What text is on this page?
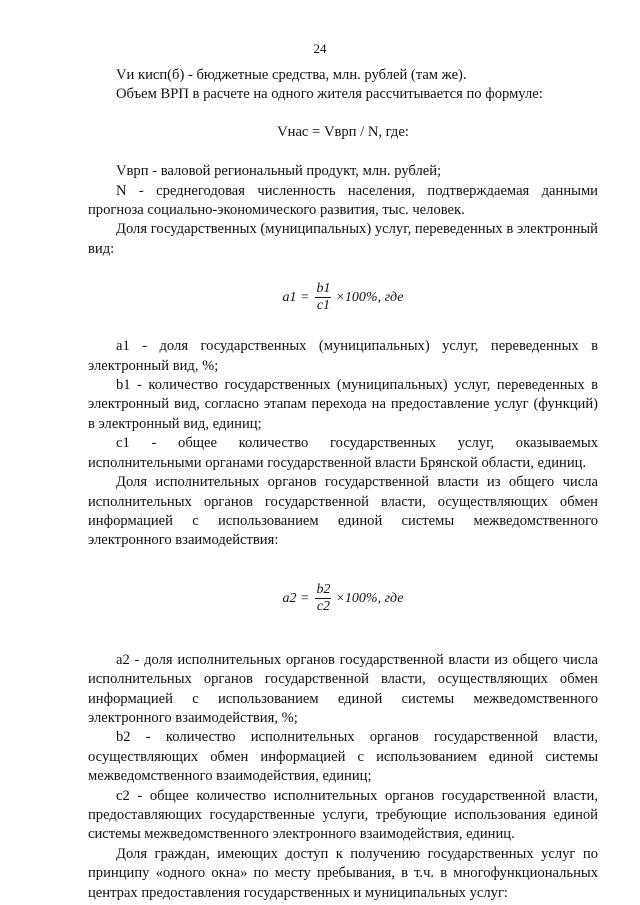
24

Vи кисп(б) - бюджетные средства, млн. рублей (там же).

Объем ВРП в расчете на одного жителя рассчитывается по формуле:

Vнас = Vврп / N, где:

Vврп - валовой региональный продукт, млн. рублей;

N - среднегодовая численность населения, подтверждаемая данными прогноза социально-экономического развития, тыс. человек.

Доля государственных (муниципальных) услуг, переведенных в электронный вид:

$a1 = \frac{b1}{c1} \times 100\%$, где

a1 - доля государственных (муниципальных) услуг, переведенных в электронный вид, %;

b1 - количество государственных (муниципальных) услуг, переведенных в электронный вид, согласно этапам перехода на предоставление услуг (функций) в электронный вид, единиц;

c1 - общее количество государственных услуг, оказываемых исполнительными органами государственной власти Брянской области, единиц.

Доля исполнительных органов государственной власти из общего числа исполнительных органов государственной власти, осуществляющих обмен информацией с использованием единой системы межведомственного электронного взаимодействия:

$a2 = \frac{b2}{c2} \times 100\%$, где

a2 - доля исполнительных органов государственной власти из общего числа исполнительных органов государственной власти, осуществляющих обмен информацией с использованием единой системы межведомственного электронного взаимодействия, %;

b2 - количество исполнительных органов государственной власти, осуществляющих обмен информацией с использованием единой системы межведомственного взаимодействия, единиц;

c2 - общее количество исполнительных органов государственной власти, предоставляющих государственные услуги, требующие использования единой системы межведомственного электронного взаимодействия, единиц.

Доля граждан, имеющих доступ к получению государственных услуг по принципу «одного окна» по месту пребывания, в т.ч. в многофункциональных центрах предоставления государственных и муниципальных услуг:
